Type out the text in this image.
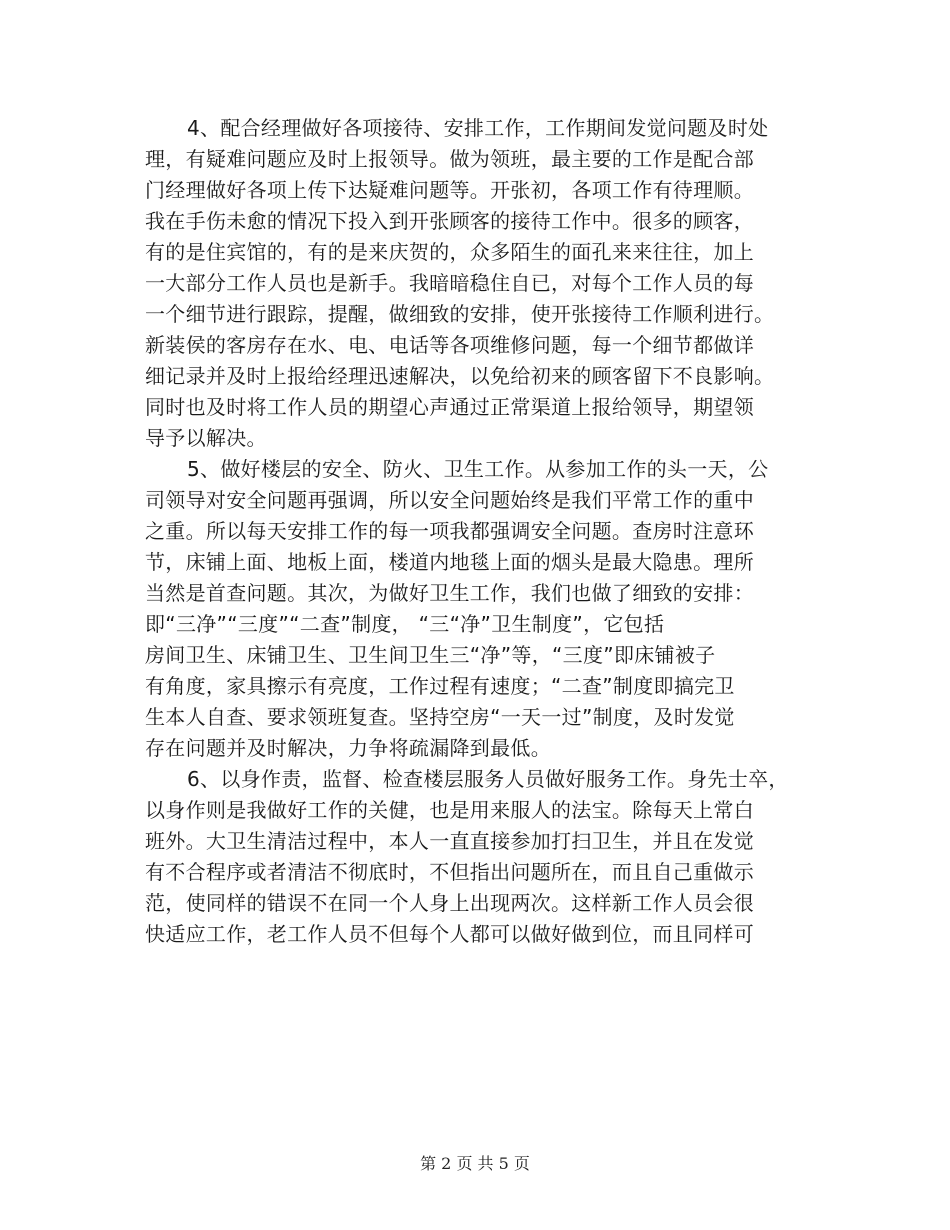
4、配合经理做好各项接待、安排工作，工作期间发觉问题及时处
理，有疑难问题应及时上报领导。做为领班，最主要的工作是配合部
门经理做好各项上传下达疑难问题等。开张初，各项工作有待理顺。
我在手伤未愈的情况下投入到开张顾客的接待工作中。很多的顾客，
有的是住宾馆的，有的是来庆贺的，众多陌生的面孔来来往往，加上
一大部分工作人员也是新手。我暗暗稳住自已，对每个工作人员的每
一个细节进行跟踪，提醒，做细致的安排，使开张接待工作顺利进行。
新装侯的客房存在水、电、电话等各项维修问题，每一个细节都做详
细记录并及时上报给经理迅速解决，以免给初来的顾客留下不良影响。
同时也及时将工作人员的期望心声通过正常渠道上报给领导，期望领
导予以解决。
5、做好楼层的安全、防火、卫生工作。从参加工作的头一天，公
司领导对安全问题再强调，所以安全问题始终是我们平常工作的重中
之重。所以每天安排工作的每一项我都强调安全问题。查房时注意环
节，床铺上面、地板上面，楼道内地毯上面的烟头是最大隐患。理所
当然是首查问题。其次，为做好卫生工作，我们也做了细致的安排：
即“三净”“三度”“二查”制度， “三“净”卫生制度”，它包括
房间卫生、床铺卫生、卫生间卫生三“净”等，“三度”即床铺被子
有角度，家具擦示有亮度，工作过程有速度；“二查”制度即搞完卫
生本人自查、要求领班复查。坚持空房“一天一过”制度，及时发觉
存在问题并及时解决，力争将疏漏降到最低。
6、以身作责，监督、检查楼层服务人员做好服务工作。身先士卒，
以身作则是我做好工作的关健，也是用来服人的法宝。除每天上常白
班外。大卫生清洁过程中，本人一直直接参加打扫卫生，并且在发觉
有不合程序或者清洁不彻底时，不但指出问题所在，而且自己重做示
范，使同样的错误不在同一个人身上出现两次。这样新工作人员会很
快适应工作，老工作人员不但每个人都可以做好做到位，而且同样可
第 2 页 共 5 页
